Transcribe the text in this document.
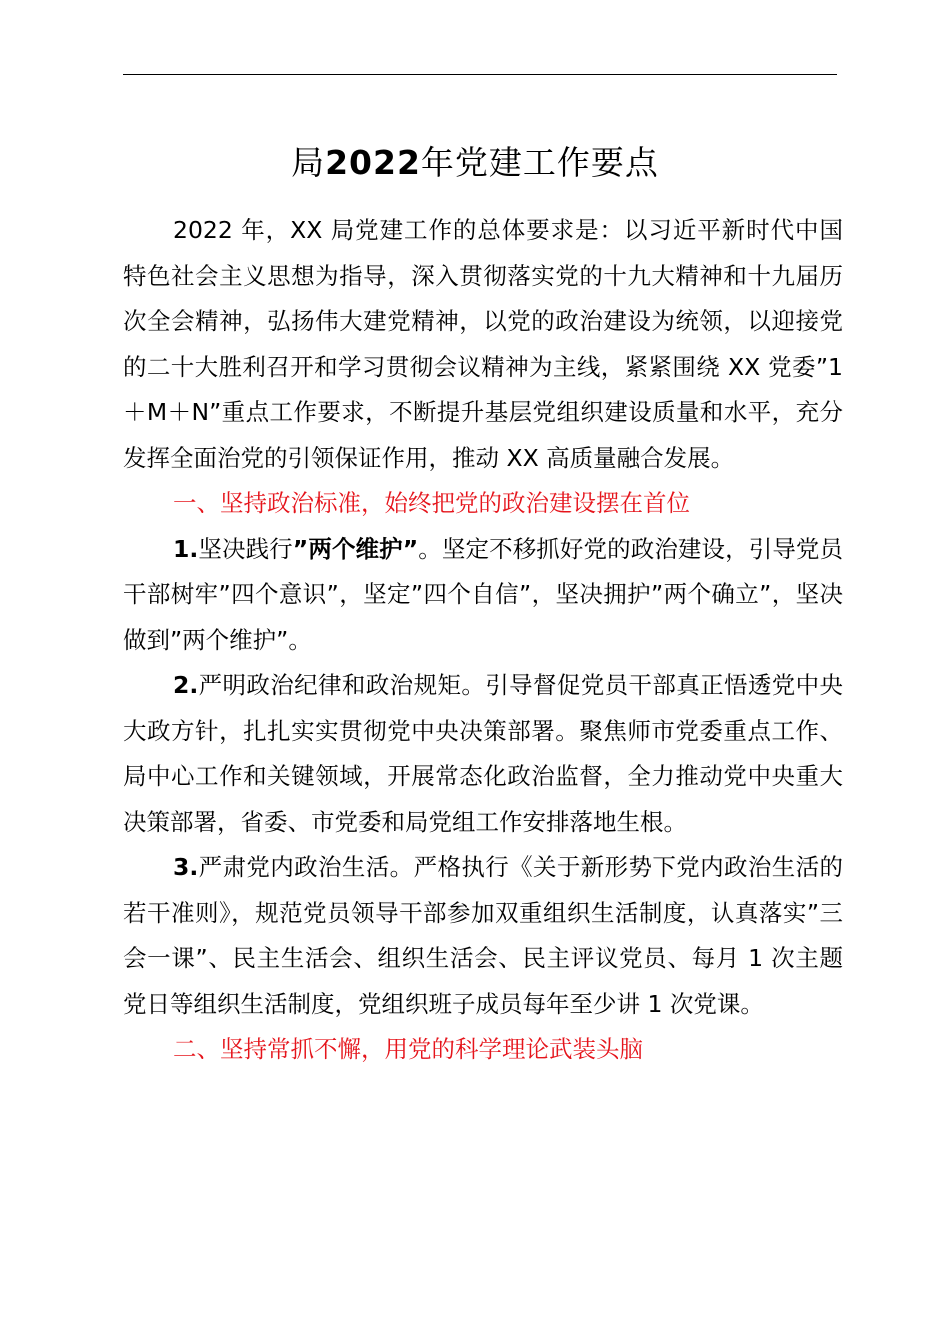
局2022年党建工作要点

2022 年，XX 局党建工作的总体要求是：以习近平新时代中国特色社会主义思想为指导，深入贯彻落实党的十九大精神和十九届历次全会精神，弘扬伟大建党精神，以党的政治建设为统领，以迎接党的二十大胜利召开和学习贯彻会议精神为主线，紧紧围绕 XX 党委”1＋M＋N”重点工作要求，不断提升基层党组织建设质量和水平，充分发挥全面治党的引领保证作用，推动 XX 高质量融合发展。

一、坚持政治标准，始终把党的政治建设摆在首位

1.坚决践行”两个维护”。坚定不移抓好党的政治建设，引导党员干部树牢”四个意识”，坚定”四个自信”，坚决拥护”两个确立”，坚决做到”两个维护”。

2.严明政治纪律和政治规矩。引导督促党员干部真正悟透党中央大政方针，扎扎实实贯彻党中央决策部署。聚焦师市党委重点工作、局中心工作和关键领域，开展常态化政治监督，全力推动党中央重大决策部署，省委、市党委和局党组工作安排落地生根。

3.严肃党内政治生活。严格执行《关于新形势下党内政治生活的若干准则》，规范党员领导干部参加双重组织生活制度，认真落实”三会一课”、民主生活会、组织生活会、民主评议党员、每月 1 次主题党日等组织生活制度，党组织班子成员每年至少讲 1 次党课。

二、坚持常抓不懈，用党的科学理论武装头脑
